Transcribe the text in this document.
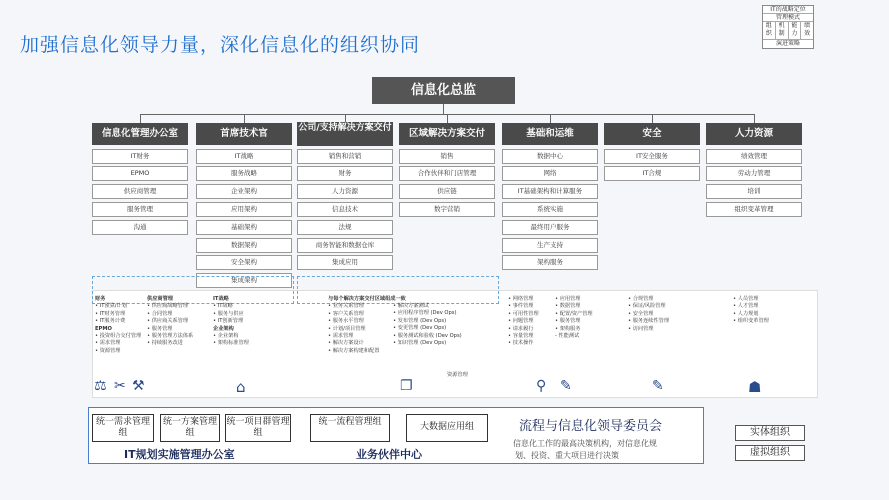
加强信息化领导力量，深化信息化的组织协同
IT的战略定位
管理模式
组织
机制
能力
绩效
演进策略
信息化总监
信息化管理办公室	首席技术官	公司/支持解决方案交付	区域解决方案交付	基础和运维	安全	人力资源
IT财务
EPMO
供应商管理
服务管理
沟通
IT战略
服务战略
企业架构
应用架构
基础架构
数据架构
安全架构
集成架构
销售和营销
财务
人力资源
信息技术
法规
商务智能和数据仓库
集成应用
销售
合作伙伴和门店管理
供应链
数字营销
数据中心
网络
IT基础架构和计算服务
系统实施
最终用户服务
生产支持
架构服务
IT安全服务
IT合规
绩效管理
劳动力管理
培训
组织变革管理
财务
• IT预算/计划
• IT财务管理
• IT服务计费
EPMO
• 投资组合交付管理
• 需求管理
• 资源管理
供应商管理
• 供应商战略管理
• 合同管理
• 供应商关系管理
• 服务管理
• 服务管理方法体系
• 持续服务改进
IT战略
• IT战略
• 服务与供应
• IT创新管理
企业架构
• 企业架构
• 架构标准管理
与每个解决方案交付区域组成一致
• 业务关系管理
• 客户关系管理
• 服务水平管理
• 计划/项目管理
• 需求管理
• 解决方案设计
• 解决方案构建和配置
• 解决方案测试
• 应用程序管理 (Dev Ops)
• 发布管理 (Dev Ops)
• 变更管理 (Dev Ops)
• 服务测试和验收 (Dev Ops)
• 知识管理 (Dev Ops)
资源管理
• 网络管理
• 事件管理
• 可用性管理
• 问题管理
• 请求履行
• 容量管理
• 技术操作
• 应用管理
• 数据管理
• 配置/资产管理
• 服务管理
• 架构服务
- 性能测试
• 合规管理
• 保证/风险管理
• 安全管理
• 服务连续性管理
• 访问管理
• 人员管理
• 人才管理
• 人力规划
• 组织变革管理
⚖ ✂ ⚒	⌂	❐	⚲ ✎	✎	☗
统一需求管理组
统一方案管理组
统一项目群管理组
统一流程管理组	大数据应用组
IT规划实施管理办公室	业务伙伴中心
流程与信息化领导委员会
信息化工作的最高决策机构，对信息化规
划、投资、重大项目进行决策
实体组织
虚拟组织
